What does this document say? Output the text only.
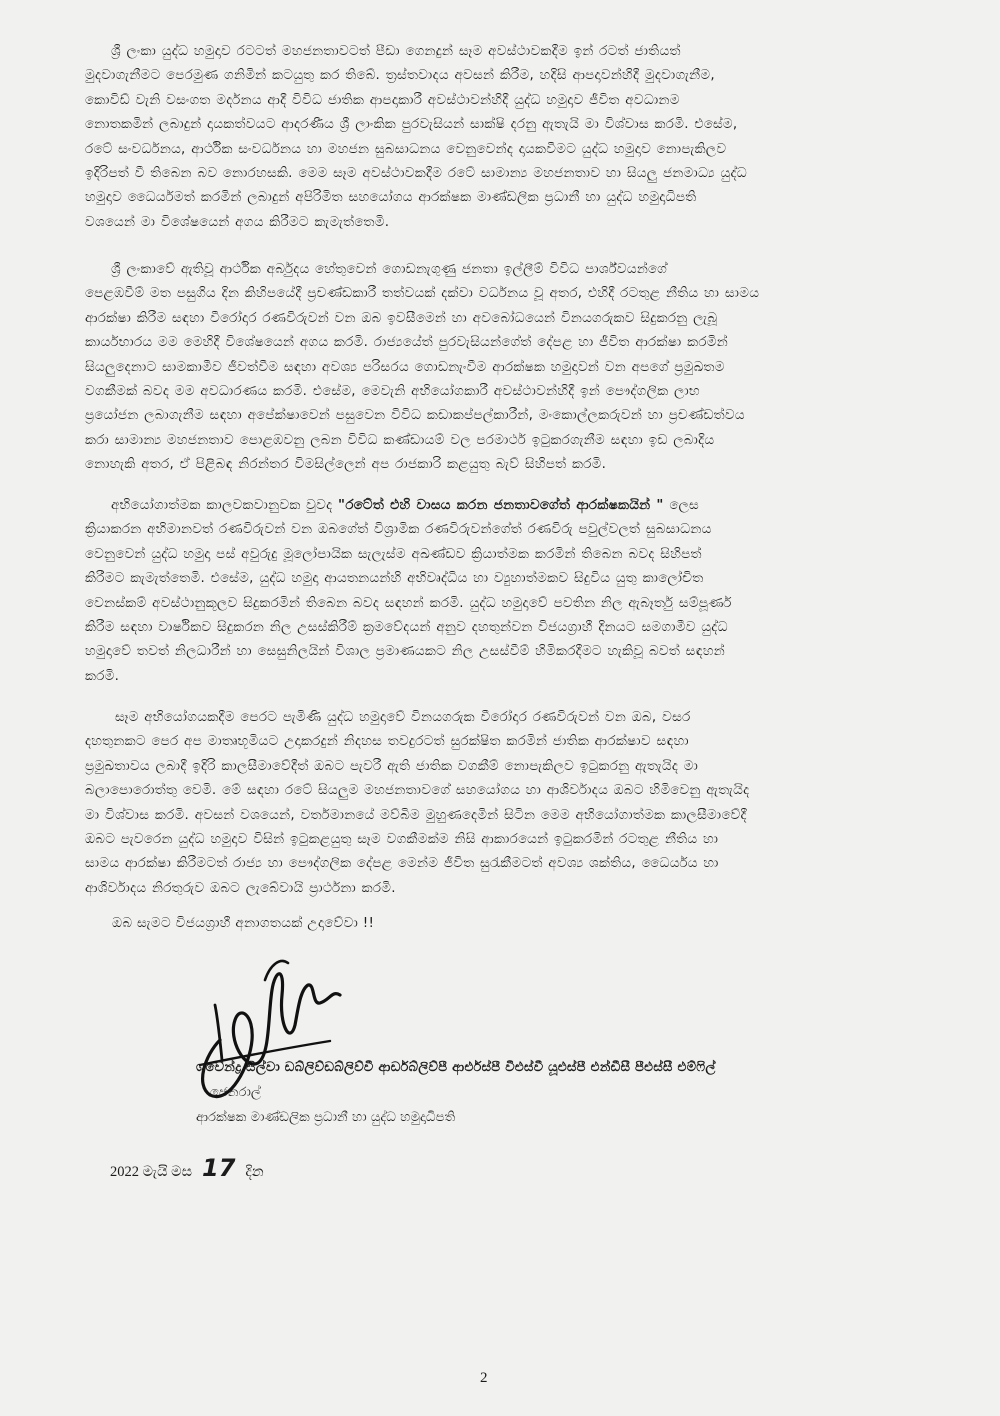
ශ්‍රී ලංකා යුද්ධ හමුදාව රටටත් මහජනතාවටත් පීඩා ගෙනදුන් සෑම අවස්ථාවකදීම ඉන් රටත් ජාතියත්
මුදවාගැනීමට පෙරමුණ ගනිමින් කටයුතු කර තිබේ. ත්‍රස්තවාදය අවසන් කිරීම, හදිසි ආපදාවන්හිදී මුදවාගැනීම,
කොවිඩ් වැනි වසංගත මර්දනය ආදී විවිධ ජාතික ආපදාකාරී අවස්ථාවන්හිදී යුද්ධ හමුදාව ජීවිත අවධානම
නොතකමින් ලබාදුන් දායකත්වයට ආදරණීය ශ්‍රී ලාංකික පුරවැසියන් සාක්ෂි දරනු ඇතැයි මා විශ්වාස කරමි. එසේම,
රටේ සංවර්ධනය, ආර්ථික සංවර්ධනය හා මහජන සුබසාධනය වෙනුවෙන්ද දායකවීමට යුද්ධ හමුදාව නොපැකිලව
ඉදිරිපත් වී තිබෙන බව නොරහසකි. මෙම සෑම අවස්ථාවකදීම රටේ සාමාන්‍ය මහජනතාව හා සියලු ජනමාධ්‍ය යුද්ධ
හමුදාව ධෛර්යමත් කරමින් ලබාදුන් අපිරිමිත සහයෝගය ආරක්ෂක මාණ්ඩලික ප්‍රධානී හා යුද්ධ හමුදාධිපති
වශයෙන් මා විශේෂයෙන් අගය කිරීමට කැමැත්තෙමි.
ශ්‍රී ලංකාවේ ඇතිවූ ආර්ථික අර්බුදය හේතුවෙන් ගොඩනැගුණු ජනතා ඉල්ලීම් විවිධ පාර්ශ්වයන්ගේ
පෙළඹවීම් මත පසුගිය දින කිහිපයේදී ප්‍රචණ්ඩකාරී තත්වයක් දක්වා වර්ධනය වූ අතර, එහිදී රටතුළ නීතිය හා සාමය
ආරක්ෂා කිරීම සඳහා වීරෝදාර රණවිරුවන් වන ඔබ ඉවසීමෙන් හා අවබෝධයෙන් විනයගරුකව සිදුකරනු ලැබූ
කාර්යභාරය මම මෙහිදී විශේෂයෙන් අගය කරමි. රාජ්‍යයේත් පුරවැසියන්ගේත් දේපළ හා ජීවිත ආරක්ෂා කරමින්
සියලුදෙනාට සාමකාමීව ජීවත්වීම සඳහා අවශ්‍ය පරිසරය ගොඩනැංවීම ආරක්ෂක හමුදාවන් වන අපගේ ප්‍රමුඛතම
වගකීමක් බවද මම අවධාරණය කරමි. එසේම, මෙවැනි අභියෝගකාරී අවස්ථාවන්හිදී ඉන් පෞද්ගලික ලාභ
ප්‍රයෝජන ලබාගැනීම සඳහා අපේක්ෂාවෙන් පසුවෙන විවිධ කඩාකප්පල්කාරීන්, මංකොල්ලකරුවන් හා ප්‍රචණ්ඩත්වය
කරා සාමාන්‍ය මහජනතාව පොළඹවනු ලබන විවිධ කණ්ඩායම් වල පරමාර්ථ ඉටුකරගැනීම සඳහා ඉඩ ලබාදිය
නොහැකි අතර, ඒ පිළිබඳ නිරන්තර විමසිල්ලෙන් අප රාජකාරි කළයුතු බැව් සිහිපත් කරමි.
අභියෝගාත්මක කාලවකවානුවක වුවද "රටේත් එහි වාසය කරන ජනතාවගේත් ආරක්ෂකයින් " ලෙස
ක්‍රියාකරන අභිමානවත් රණවිරුවන් වන ඔබගේත් විශ්‍රාමික රණවිරුවන්ගේත් රණවිරු පවුල්වලත් සුබසාධනය
වෙනුවෙන් යුද්ධ හමුදා පස් අවුරුදු මූලෝපායික සැලැස්ම අඛණ්ඩව ක්‍රියාත්මක කරමින් තිබෙන බවද සිහිපත්
කිරීමට කැමැත්තෙමි. එසේම, යුද්ධ හමුදා ආයතනයන්හි අභිවෘද්ධිය හා ව්‍යුහාත්මකව සිදුවිය යුතු කාලෝචිත
වෙනස්කම් අවස්ථානුකූලව සිදුකරමින් තිබෙන බවද සඳහන් කරමි. යුද්ධ හමුදාවේ පවතින නිල ඇබෑර්තු සම්පූර්ණ
කිරීම සඳහා වාර්ෂිකව සිදුකරන නිල උසස්කිරීම් ක්‍රමවේදයන් අනුව දහතුන්වන විජයග්‍රාහී දිනයට සමගාමීව යුද්ධ
හමුදාවේ තවත් නිලධාරීන් හා සෙසුනිලයින් විශාල ප්‍රමාණයකට නිල උසස්වීම් හිමිකරදීමට හැකිවූ බවත් සඳහන්
කරමි.
සෑම අභියෝගයකදීම පෙරට පැමිණි යුද්ධ හමුදාවේ විනයගරුක වීරෝදාර රණවිරුවන් වන ඔබ, වසර
දහතුනකට පෙර අප මාතෘභූමියට උදාකරදුන් නිදහස තවදුරටත් සුරක්ෂිත කරමින් ජාතික ආරක්ෂාව සඳහා
ප්‍රමුඛතාවය ලබාදී ඉදිරි කාලසීමාවේදීත් ඔබට පැවරී ඇති ජාතික වගකීම් නොපැකිලව ඉටුකරනු ඇතැයිද මා
බලාපොරොත්තු වෙමි. මේ සඳහා රටේ සියලුම මහජනතාවගේ සහයෝගය හා ආශිර්වාදය ඔබට හිමිවෙනු ඇතැයිද
මා විශ්වාස කරමි. අවසන් වශයෙන්, වර්තමානයේ මව්බිම මුහුණදෙමින් සිටින මෙම අභියෝගාත්මක කාලසීමාවේදී
ඔබට පැවරෙන යුද්ධ හමුදාව විසින් ඉටුකළයුතු සෑම වගකීමක්ම නිසි ආකාරයෙන් ඉටුකරමින් රටතුළ නීතිය හා
සාමය ආරක්ෂා කිරීමටත් රාජ්‍ය හා පෞද්ගලික දේපළ මෙන්ම ජීවිත සුරැකීමටත් අවශ්‍ය ශක්තිය, ධෛර්යය හා
ආශිර්වාදය නිරතුරුව ඔබට ලැබේවායි ප්‍රාර්ථනා කරමි.
ඔබ සැමට විජයග්‍රාහී අනාගතයක් උදාවේවා !!
ශවේන්ද්‍ර සිල්වා ඩබ්ලිව්ඩබ්ලිව්වී ආර්ඩබ්ලිව්පී ආර්එස්පී වීඑස්වී යූඑස්පී එන්ඩීසී පීඑස්සී එම්ෆිල්
ජෙනරාල්
ආරක්ෂක මාණ්ඩලික ප්‍රධානී හා යුද්ධ හමුදාධිපති
2022 මැයි මස 17 දින
2
